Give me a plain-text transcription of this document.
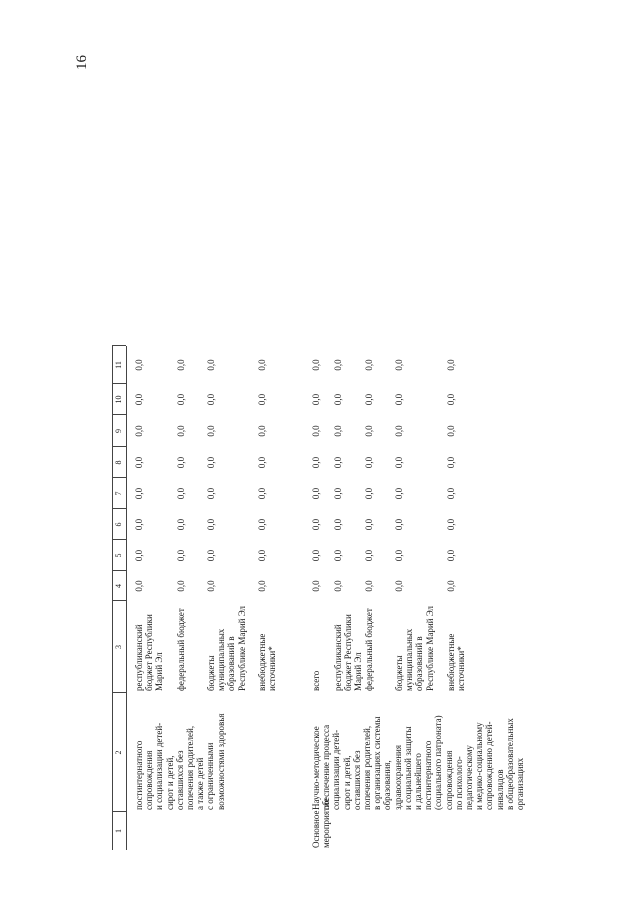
16
1
2
3
4
5
6
7
8
9
10
11
постинтернатного сопровождения и социализации детей- сирот и детей, оставшихся без попечения родителей, а также детей с ограниченными возможностями здоровья
республиканский бюджет Республики Марий Эл
0,0
0,0
0,0
0,0
0,0
0,0
0,0
0,0
федеральный бюджет
0,0
0,0
0,0
0,0
0,0
0,0
0,0
0,0
бюджеты муниципальных образований в Республике Марий Эл
0,0
0,0
0,0
0,0
0,0
0,0
0,0
0,0
внебюджетные источники*
0,0
0,0
0,0
0,0
0,0
0,0
0,0
0,0
Основное мероприятие
Научно-методическое обеспечение процесса социализации детей- сирот и детей, оставшихся без попечения родителей, в организациях системы образования, здравоохранения и социальной защиты и дальнейшего постинтернатного (социального патроната) сопровождения по психолого- педагогическому и медико-социальному сопровождению детей- инвалидов в общеобразовательных организациях
всего
0,0
0,0
0,0
0,0
0,0
0,0
0,0
0,0
республиканский бюджет Республики Марий Эл
0,0
0,0
0,0
0,0
0,0
0,0
0,0
0,0
федеральный бюджет
0,0
0,0
0,0
0,0
0,0
0,0
0,0
0,0
бюджеты муниципальных образований в Республике Марий Эл
0,0
0,0
0,0
0,0
0,0
0,0
0,0
0,0
внебюджетные источники*
0,0
0,0
0,0
0,0
0,0
0,0
0,0
0,0
